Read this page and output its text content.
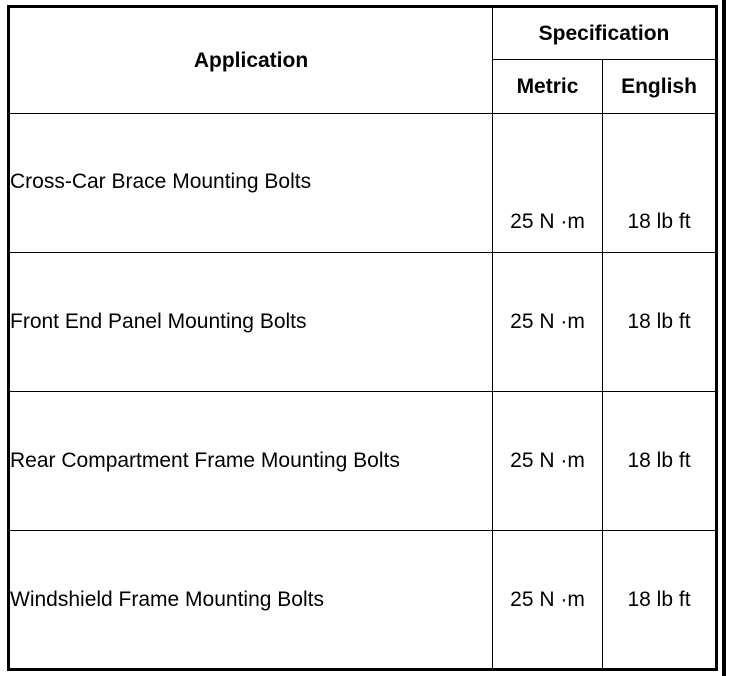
Application	Specification	
	Metric	English
Cross-Car Brace Mounting Bolts	25 N ·m	18 lb ft
Front End Panel Mounting Bolts	25 N ·m	18 lb ft
Rear Compartment Frame Mounting Bolts	25 N ·m	18 lb ft
Windshield Frame Mounting Bolts	25 N ·m	18 lb ft
